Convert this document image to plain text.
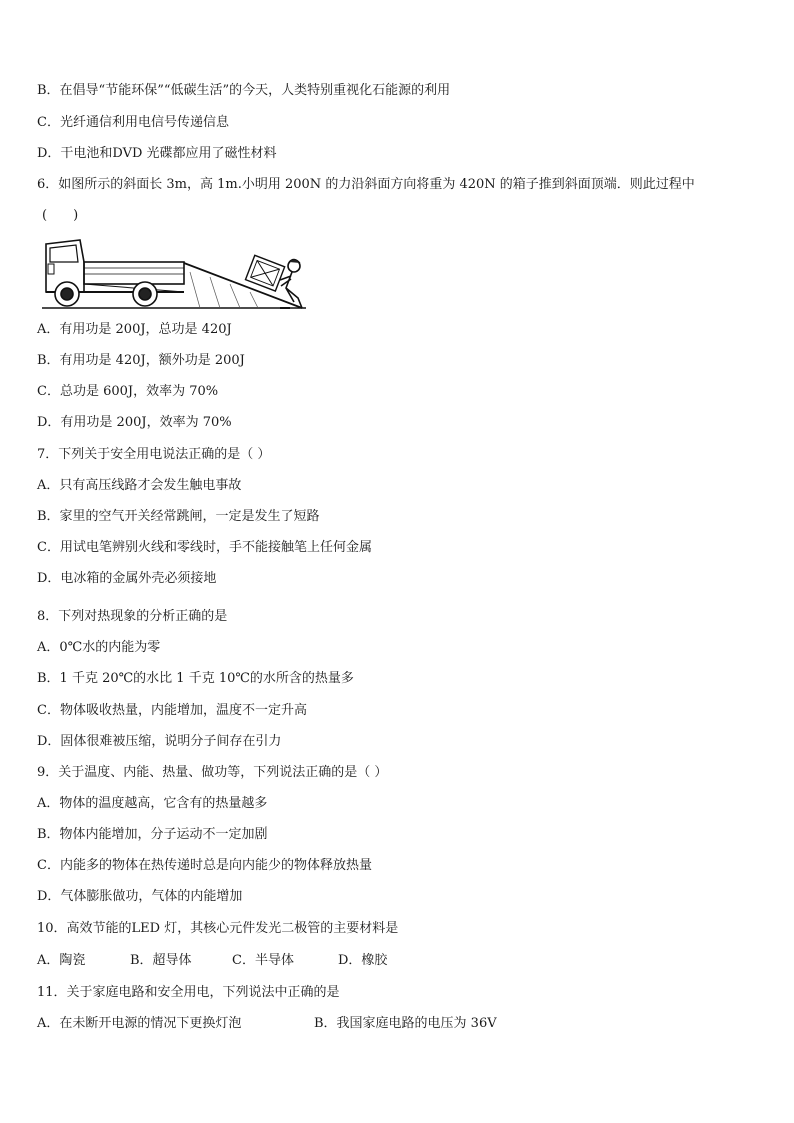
B．在倡导“节能环保”“低碳生活”的今天，人类特别重视化石能源的利用
C．光纤通信利用电信号传递信息
D．干电池和DVD 光碟都应用了磁性材料
6．如图所示的斜面长 3m，高 1m.小明用 200N 的力沿斜面方向将重为 420N 的箱子推到斜面顶端．则此过程中
(　　)
A．有用功是 200J，总功是 420J
B．有用功是 420J，额外功是 200J
C．总功是 600J，效率为 70%
D．有用功是 200J，效率为 70%
7．下列关于安全用电说法正确的是（ ）
A．只有高压线路才会发生触电事故
B．家里的空气开关经常跳闸，一定是发生了短路
C．用试电笔辨别火线和零线时，手不能接触笔上任何金属
D．电冰箱的金属外壳必须接地
8．下列对热现象的分析正确的是
A．0℃水的内能为零
B．1 千克 20℃的水比 1 千克 10℃的水所含的热量多
C．物体吸收热量，内能增加，温度不一定升高
D．固体很难被压缩，说明分子间存在引力
9．关于温度、内能、热量、做功等，下列说法正确的是（ ）
A．物体的温度越高，它含有的热量越多
B．物体内能增加，分子运动不一定加剧
C．内能多的物体在热传递时总是向内能少的物体释放热量
D．气体膨胀做功，气体的内能增加
10．高效节能的LED 灯，其核心元件发光二极管的主要材料是
A．陶瓷	B．超导体	C．半导体	D．橡胶
11．关于家庭电路和安全用电，下列说法中正确的是
A．在未断开电源的情况下更换灯泡	B．我国家庭电路的电压为 36V
